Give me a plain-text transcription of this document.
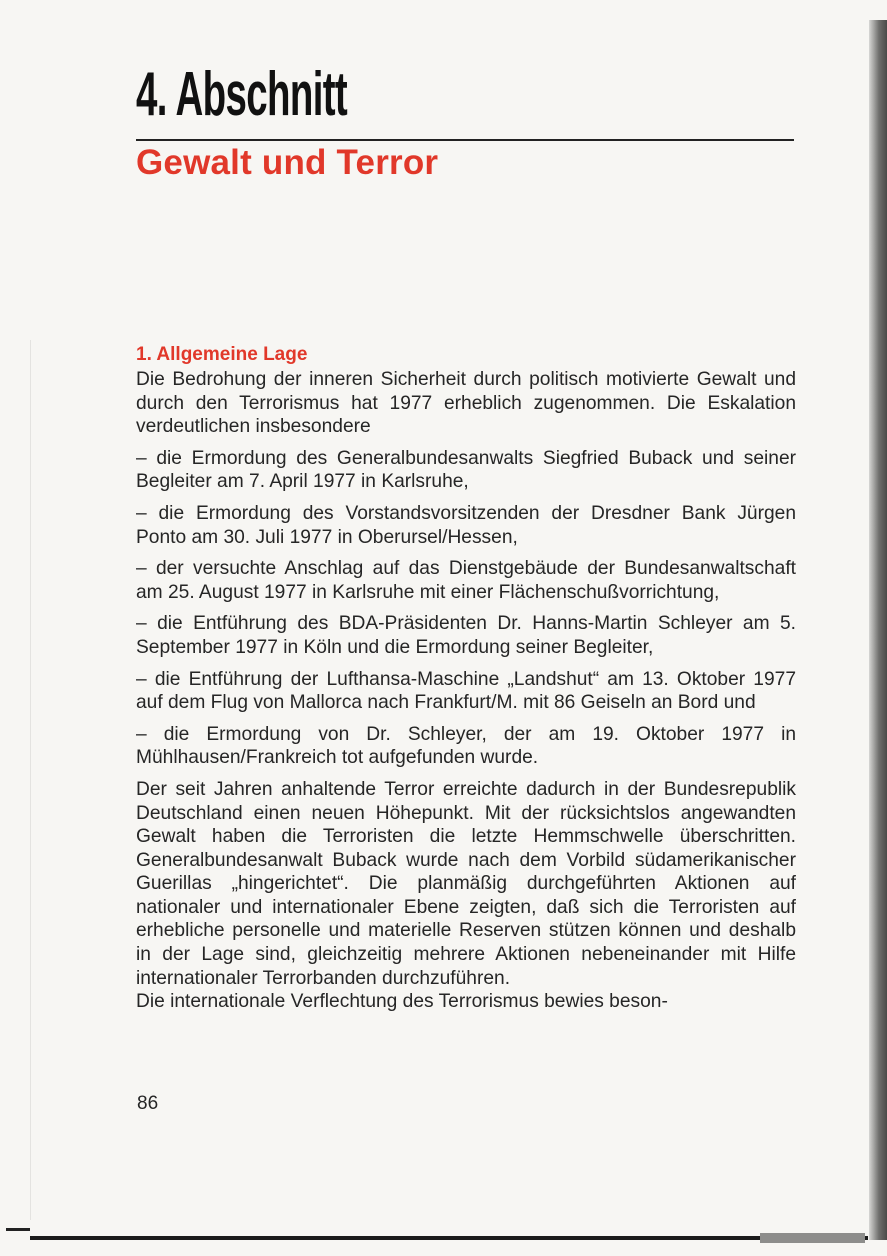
4. Abschnitt
Gewalt und Terror
1. Allgemeine Lage

Die Bedrohung der inneren Sicherheit durch politisch motivierte Gewalt und durch den Terrorismus hat 1977 erheblich zugenommen. Die Eskalation verdeutlichen insbesondere

– die Ermordung des Generalbundesanwalts Siegfried Buback und seiner Begleiter am 7. April 1977 in Karlsruhe,

– die Ermordung des Vorstandsvorsitzenden der Dresdner Bank Jürgen Ponto am 30. Juli 1977 in Oberursel/Hessen,

– der versuchte Anschlag auf das Dienstgebäude der Bundesanwaltschaft am 25. August 1977 in Karlsruhe mit einer Flächenschußvorrichtung,

– die Entführung des BDA-Präsidenten Dr. Hanns-Martin Schleyer am 5. September 1977 in Köln und die Ermordung seiner Begleiter,

– die Entführung der Lufthansa-Maschine „Landshut“ am 13. Oktober 1977 auf dem Flug von Mallorca nach Frankfurt/M. mit 86 Geiseln an Bord und

– die Ermordung von Dr. Schleyer, der am 19. Oktober 1977 in Mühlhausen/Frankreich tot aufgefunden wurde.

Der seit Jahren anhaltende Terror erreichte dadurch in der Bundesrepublik Deutschland einen neuen Höhepunkt. Mit der rücksichtslos angewandten Gewalt haben die Terroristen die letzte Hemmschwelle überschritten. Generalbundesanwalt Buback wurde nach dem Vorbild südamerikanischer Guerillas „hingerichtet“. Die planmäßig durchgeführten Aktionen auf nationaler und internationaler Ebene zeigten, daß sich die Terroristen auf erhebliche personelle und materielle Reserven stützen können und deshalb in der Lage sind, gleichzeitig mehrere Aktionen nebeneinander mit Hilfe internationaler Terrorbanden durchzuführen.

Die internationale Verflechtung des Terrorismus bewies beson-

86
